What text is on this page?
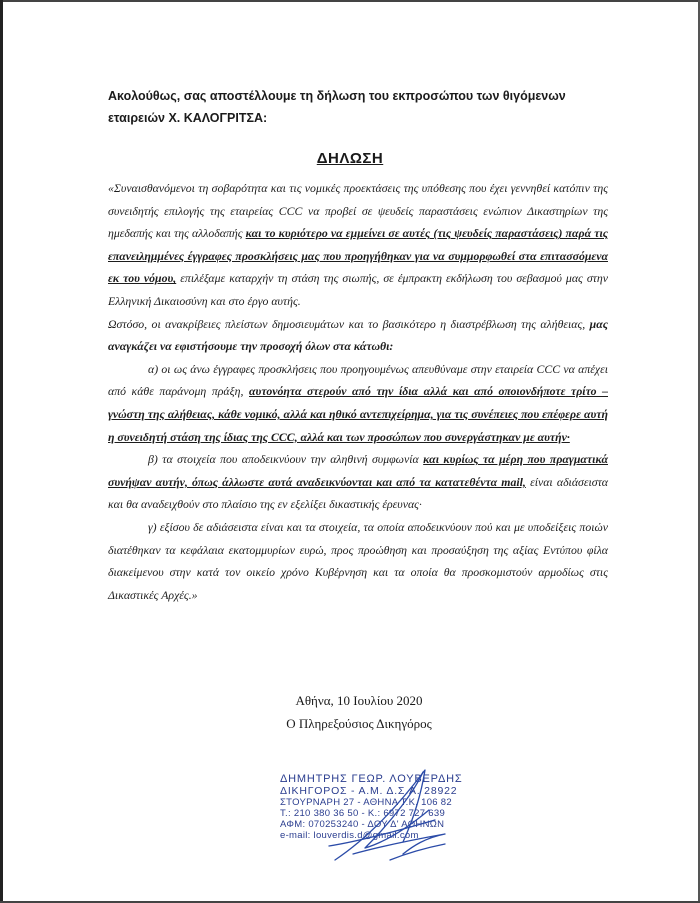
Ακολούθως, σας αποστέλλουμε τη δήλωση του εκπροσώπου των θιγόμενων εταιρειών Χ. ΚΑΛΟΓΡΙΤΣΑ:

ΔΗΛΩΣΗ

«Συναισθανόμενοι τη σοβαρότητα και τις νομικές προεκτάσεις της υπόθεσης που έχει γεννηθεί κατόπιν της συνειδητής επιλογής της εταιρείας CCC να προβεί σε ψευδείς παραστάσεις ενώπιον Δικαστηρίων της ημεδαπής και της αλλοδαπής και το κυριότερο να εμμείνει σε αυτές (τις ψευδείς παραστάσεις) παρά τις επανειλημμένες έγγραφες προσκλήσεις μας που προηγήθηκαν για να συμμορφωθεί στα επιτασσόμενα εκ του νόμου, επιλέξαμε καταρχήν τη στάση της σιωπής, σε έμπρακτη εκδήλωση του σεβασμού μας στην Ελληνική Δικαιοσύνη και στο έργο αυτής.

Ωστόσο, οι ανακρίβειες πλείστων δημοσιευμάτων και το βασικότερο η διαστρέβλωση της αλήθειας, μας αναγκάζει να εφιστήσουμε την προσοχή όλων στα κάτωθι:

α) οι ως άνω έγγραφες προσκλήσεις που προηγουμένως απευθύναμε στην εταιρεία CCC να απέχει από κάθε παράνομη πράξη, αυτονόητα στερούν από την ίδια αλλά και από οποιονδήποτε τρίτο – γνώστη της αλήθειας, κάθε νομικό, αλλά και ηθικό αντεπιχείρημα, για τις συνέπειες που επέφερε αυτή η συνειδητή στάση της ίδιας της CCC, αλλά και των προσώπων που συνεργάστηκαν με αυτήν·

β) τα στοιχεία που αποδεικνύουν την αληθινή συμφωνία και κυρίως τα μέρη που πραγματικά συνήψαν αυτήν, όπως άλλωστε αυτά αναδεικνύονται και από τα κατατεθέντα mail, είναι αδιάσειστα και θα αναδειχθούν στο πλαίσιο της εν εξελίξει δικαστικής έρευνας·

γ) εξίσου δε αδιάσειστα είναι και τα στοιχεία, τα οποία αποδεικνύουν πού και με υποδείξεις ποιών διατέθηκαν τα κεφάλαια εκατομμυρίων ευρώ, προς προώθηση και προσαύξηση της αξίας Εντύπου φίλα διακείμενου στην κατά τον οικείο χρόνο Κυβέρνηση και τα οποία θα προσκομιστούν αρμοδίως στις Δικαστικές Αρχές.»

Αθήνα, 10 Ιουλίου 2020

Ο Πληρεξούσιος Δικηγόρος

ΔΗΜΗΤΡΗΣ ΓΕΩΡ. ΛΟΥΒΕΡΔΗΣ
ΔΙΚΗΓΟΡΟΣ - Α.Μ. Δ.Σ.Α. 28922
ΣΤΟΥΡΝΑΡΗ 27 - ΑΘΗΝΑ Τ.Κ. 106 82
Τ.: 210 380 36 50 - Κ.: 6972 727 639
ΑΦΜ: 070253240 - ΔΟΥ Δ' ΑΘΗΝΩΝ
e-mail: louverdis.d@gmail.com
